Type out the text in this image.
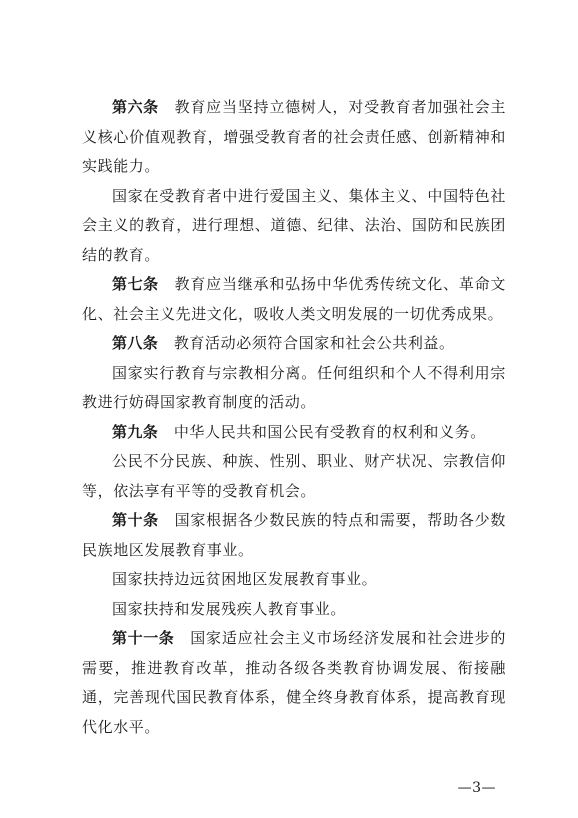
第六条　 教育应当坚持立德树人，对受教育者加强社会主义核心价值观教育，增强受教育者的社会责任感、创新精神和实践能力。

国家在受教育者中进行爱国主义、集体主义、中国特色社会主义的教育，进行理想、道德、纪律、法治、国防和民族团结的教育。

第七条　 教育应当继承和弘扬中华优秀传统文化、革命文化、社会主义先进文化，吸收人类文明发展的一切优秀成果。

第八条　 教育活动必须符合国家和社会公共利益。

国家实行教育与宗教相分离。任何组织和个人不得利用宗教进行妨碍国家教育制度的活动。

第九条　 中华人民共和国公民有受教育的权利和义务。

公民不分民族、种族、性别、职业、财产状况、宗教信仰等，依法享有平等的受教育机会。

第十条　 国家根据各少数民族的特点和需要，帮助各少数民族地区发展教育事业。

国家扶持边远贫困地区发展教育事业。

国家扶持和发展残疾人教育事业。

第十一条　 国家适应社会主义市场经济发展和社会进步的需要，推进教育改革，推动各级各类教育协调发展、衔接融通，完善现代国民教育体系，健全终身教育体系，提高教育现代化水平。

—3—
